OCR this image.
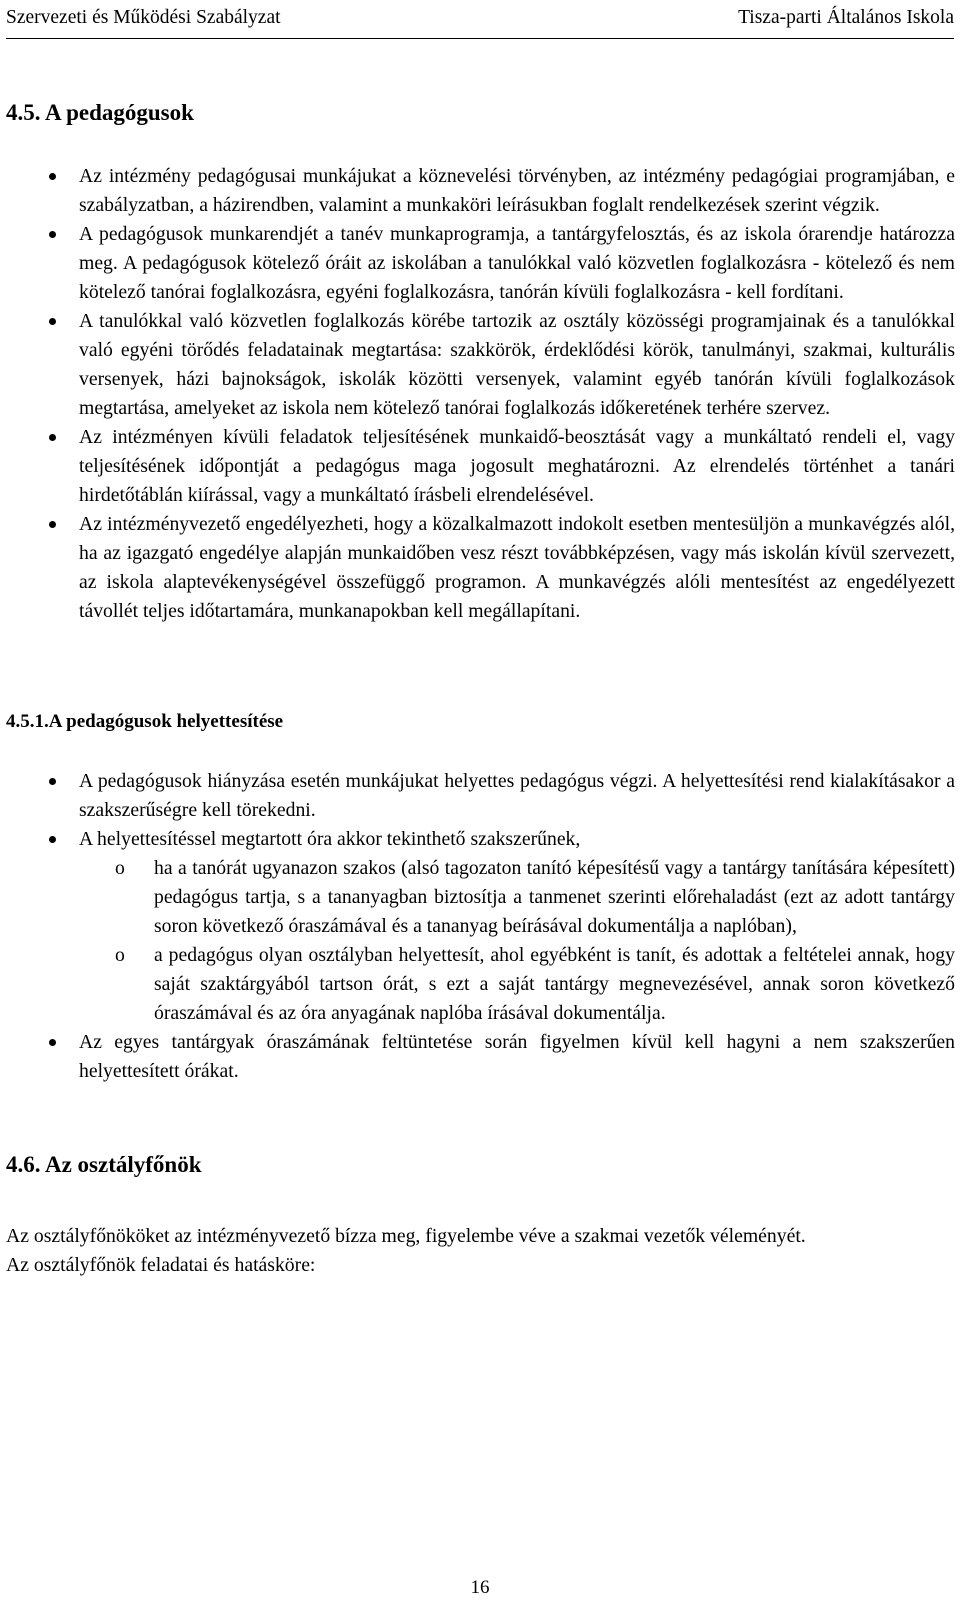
Szervezeti és Működési Szabályzat	Tisza-parti Általános Iskola
4.5. A pedagógusok
Az intézmény pedagógusai munkájukat a köznevelési törvényben, az intézmény pedagógiai programjában, e szabályzatban, a házirendben, valamint a munkaköri leírásukban foglalt rendelkezések szerint végzik.
A pedagógusok munkarendjét a tanév munkaprogramja, a tantárgyfelosztás, és az iskola órarendje határozza meg. A pedagógusok kötelező óráit az iskolában a tanulókkal való közvetlen foglalkozásra - kötelező és nem kötelező tanórai foglalkozásra, egyéni foglalkozásra, tanórán kívüli foglalkozásra - kell fordítani.
A tanulókkal való közvetlen foglalkozás körébe tartozik az osztály közösségi programjainak és a tanulókkal való egyéni törődés feladatainak megtartása: szakkörök, érdeklődési körök, tanulmányi, szakmai, kulturális versenyek, házi bajnokságok, iskolák közötti versenyek, valamint egyéb tanórán kívüli foglalkozások megtartása, amelyeket az iskola nem kötelező tanórai foglalkozás időkeretének terhére szervez.
Az intézményen kívüli feladatok teljesítésének munkaidő-beosztását vagy a munkáltató rendeli el, vagy teljesítésének időpontját a pedagógus maga jogosult meghatározni. Az elrendelés történhet a tanári hirdetőtáblán kiírással, vagy a munkáltató írásbeli elrendelésével.
Az intézményvezető engedélyezheti, hogy a közalkalmazott indokolt esetben mentesüljön a munkavégzés alól, ha az igazgató engedélye alapján munkaidőben vesz részt továbbképzésen, vagy más iskolán kívül szervezett, az iskola alaptevékenységével összefüggő programon. A munkavégzés alóli mentesítést az engedélyezett távollét teljes időtartamára, munkanapokban kell megállapítani.
4.5.1.A pedagógusok helyettesítése
A pedagógusok hiányzása esetén munkájukat helyettes pedagógus végzi. A helyettesítési rend kialakításakor a szakszerűségre kell törekedni.
A helyettesítéssel megtartott óra akkor tekinthető szakszerűnek,
o ha a tanórát ugyanazon szakos (alsó tagozaton tanító képesítésű vagy a tantárgy tanítására képesített) pedagógus tartja, s a tananyagban biztosítja a tanmenet szerinti előrehaladást (ezt az adott tantárgy soron következő óraszámával és a tananyag beírásával dokumentálja a naplóban),
o a pedagógus olyan osztályban helyettesít, ahol egyébként is tanít, és adottak a feltételei annak, hogy saját szaktárgyából tartson órát, s ezt a saját tantárgy megnevezésével, annak soron következő óraszámával és az óra anyagának naplóba írásával dokumentálja.
Az egyes tantárgyak óraszámának feltüntetése során figyelmen kívül kell hagyni a nem szakszerűen helyettesített órákat.
4.6. Az osztályfőnök

Az osztályfőnököket az intézményvezető bízza meg, figyelembe véve a szakmai vezetők véleményét.

Az osztályfőnök feladatai és hatásköre:

16
